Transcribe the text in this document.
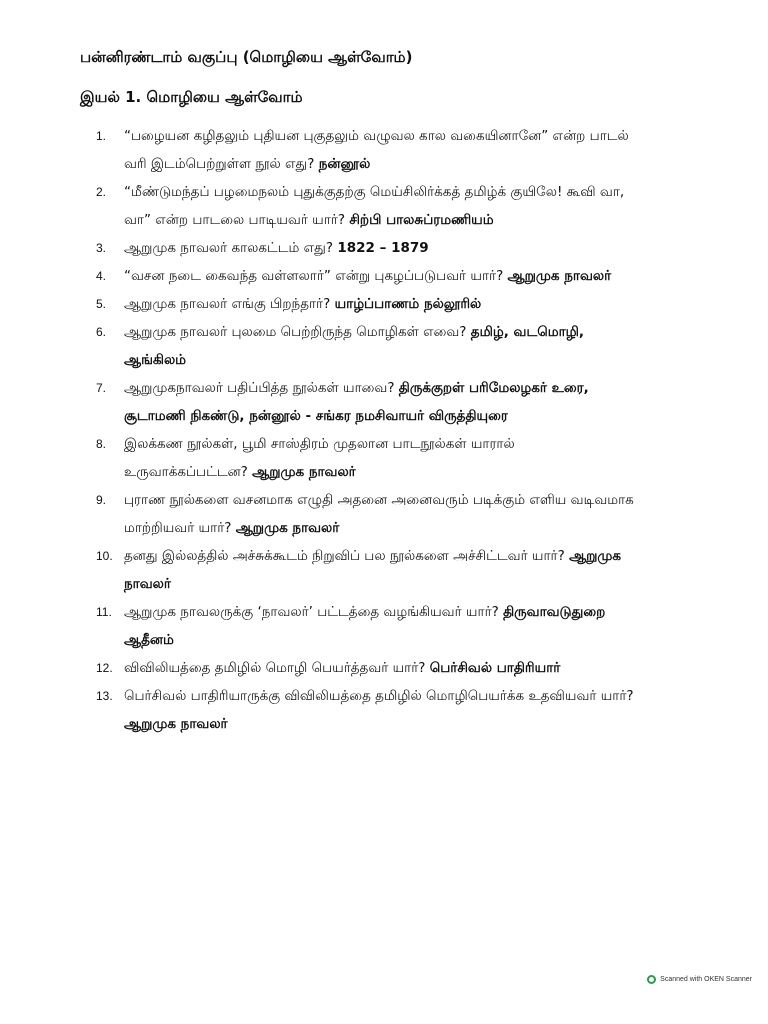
பன்னிரண்டாம் வகுப்பு (மொழியை ஆள்வோம்)
இயல் 1. மொழியை ஆள்வோம்
1. “பழையன கழிதலும் புதியன புகுதலும் வழுவல கால வகையினானே” என்ற பாடல் வரி இடம்பெற்றுள்ள நூல் எது? நன்னூல்
2. “மீண்டுமந்தப் பழமைநலம் புதுக்குதற்கு மெய்சிலிர்க்கத் தமிழ்க் குயிலே! கூவி வா, வா” என்ற பாடலை பாடியவர் யார்? சிற்பி பாலசுப்ரமணியம்
3. ஆறுமுக நாவலர் காலகட்டம் எது? 1822 – 1879
4. “வசன நடை கைவந்த வள்ளலார்” என்று புகழப்படுபவர் யார்? ஆறுமுக நாவலர்
5. ஆறுமுக நாவலர் எங்கு பிறந்தார்? யாழ்ப்பாணம் நல்லூரில்
6. ஆறுமுக நாவலர் புலமை பெற்றிருந்த மொழிகள் எவை? தமிழ், வடமொழி, ஆங்கிலம்
7. ஆறுமுகநாவலர் பதிப்பித்த நூல்கள் யாவை? திருக்குறள் பரிமேலழகர் உரை, சூடாமணி நிகண்டு, நன்னூல் - சங்கர நமசிவாயர் விருத்தியுரை
8. இலக்கண நூல்கள், பூமி சாஸ்திரம் முதலான பாடநூல்கள் யாரால் உருவாக்கப்பட்டன? ஆறுமுக நாவலர்
9. புராண நூல்களை வசனமாக எழுதி அதனை அனைவரும் படிக்கும் எளிய வடிவமாக மாற்றியவர் யார்? ஆறுமுக நாவலர்
10. தனது இல்லத்தில் அச்சுக்கூடம் நிறுவிப் பல நூல்களை அச்சிட்டவர் யார்? ஆறுமுக நாவலர்
11. ஆறுமுக நாவலருக்கு ‘நாவலர்’ பட்டத்தை வழங்கியவர் யார்? திருவாவடுதுறை ஆதீனம்
12. விவிலியத்தை தமிழில் மொழி பெயர்த்தவர் யார்? பெர்சிவல் பாதிரியார்
13. பெர்சிவல் பாதிரியாருக்கு விவிலியத்தை தமிழில் மொழிபெயர்க்க உதவியவர் யார்? ஆறுமுக நாவலர்
Scanned with OKEN Scanner
